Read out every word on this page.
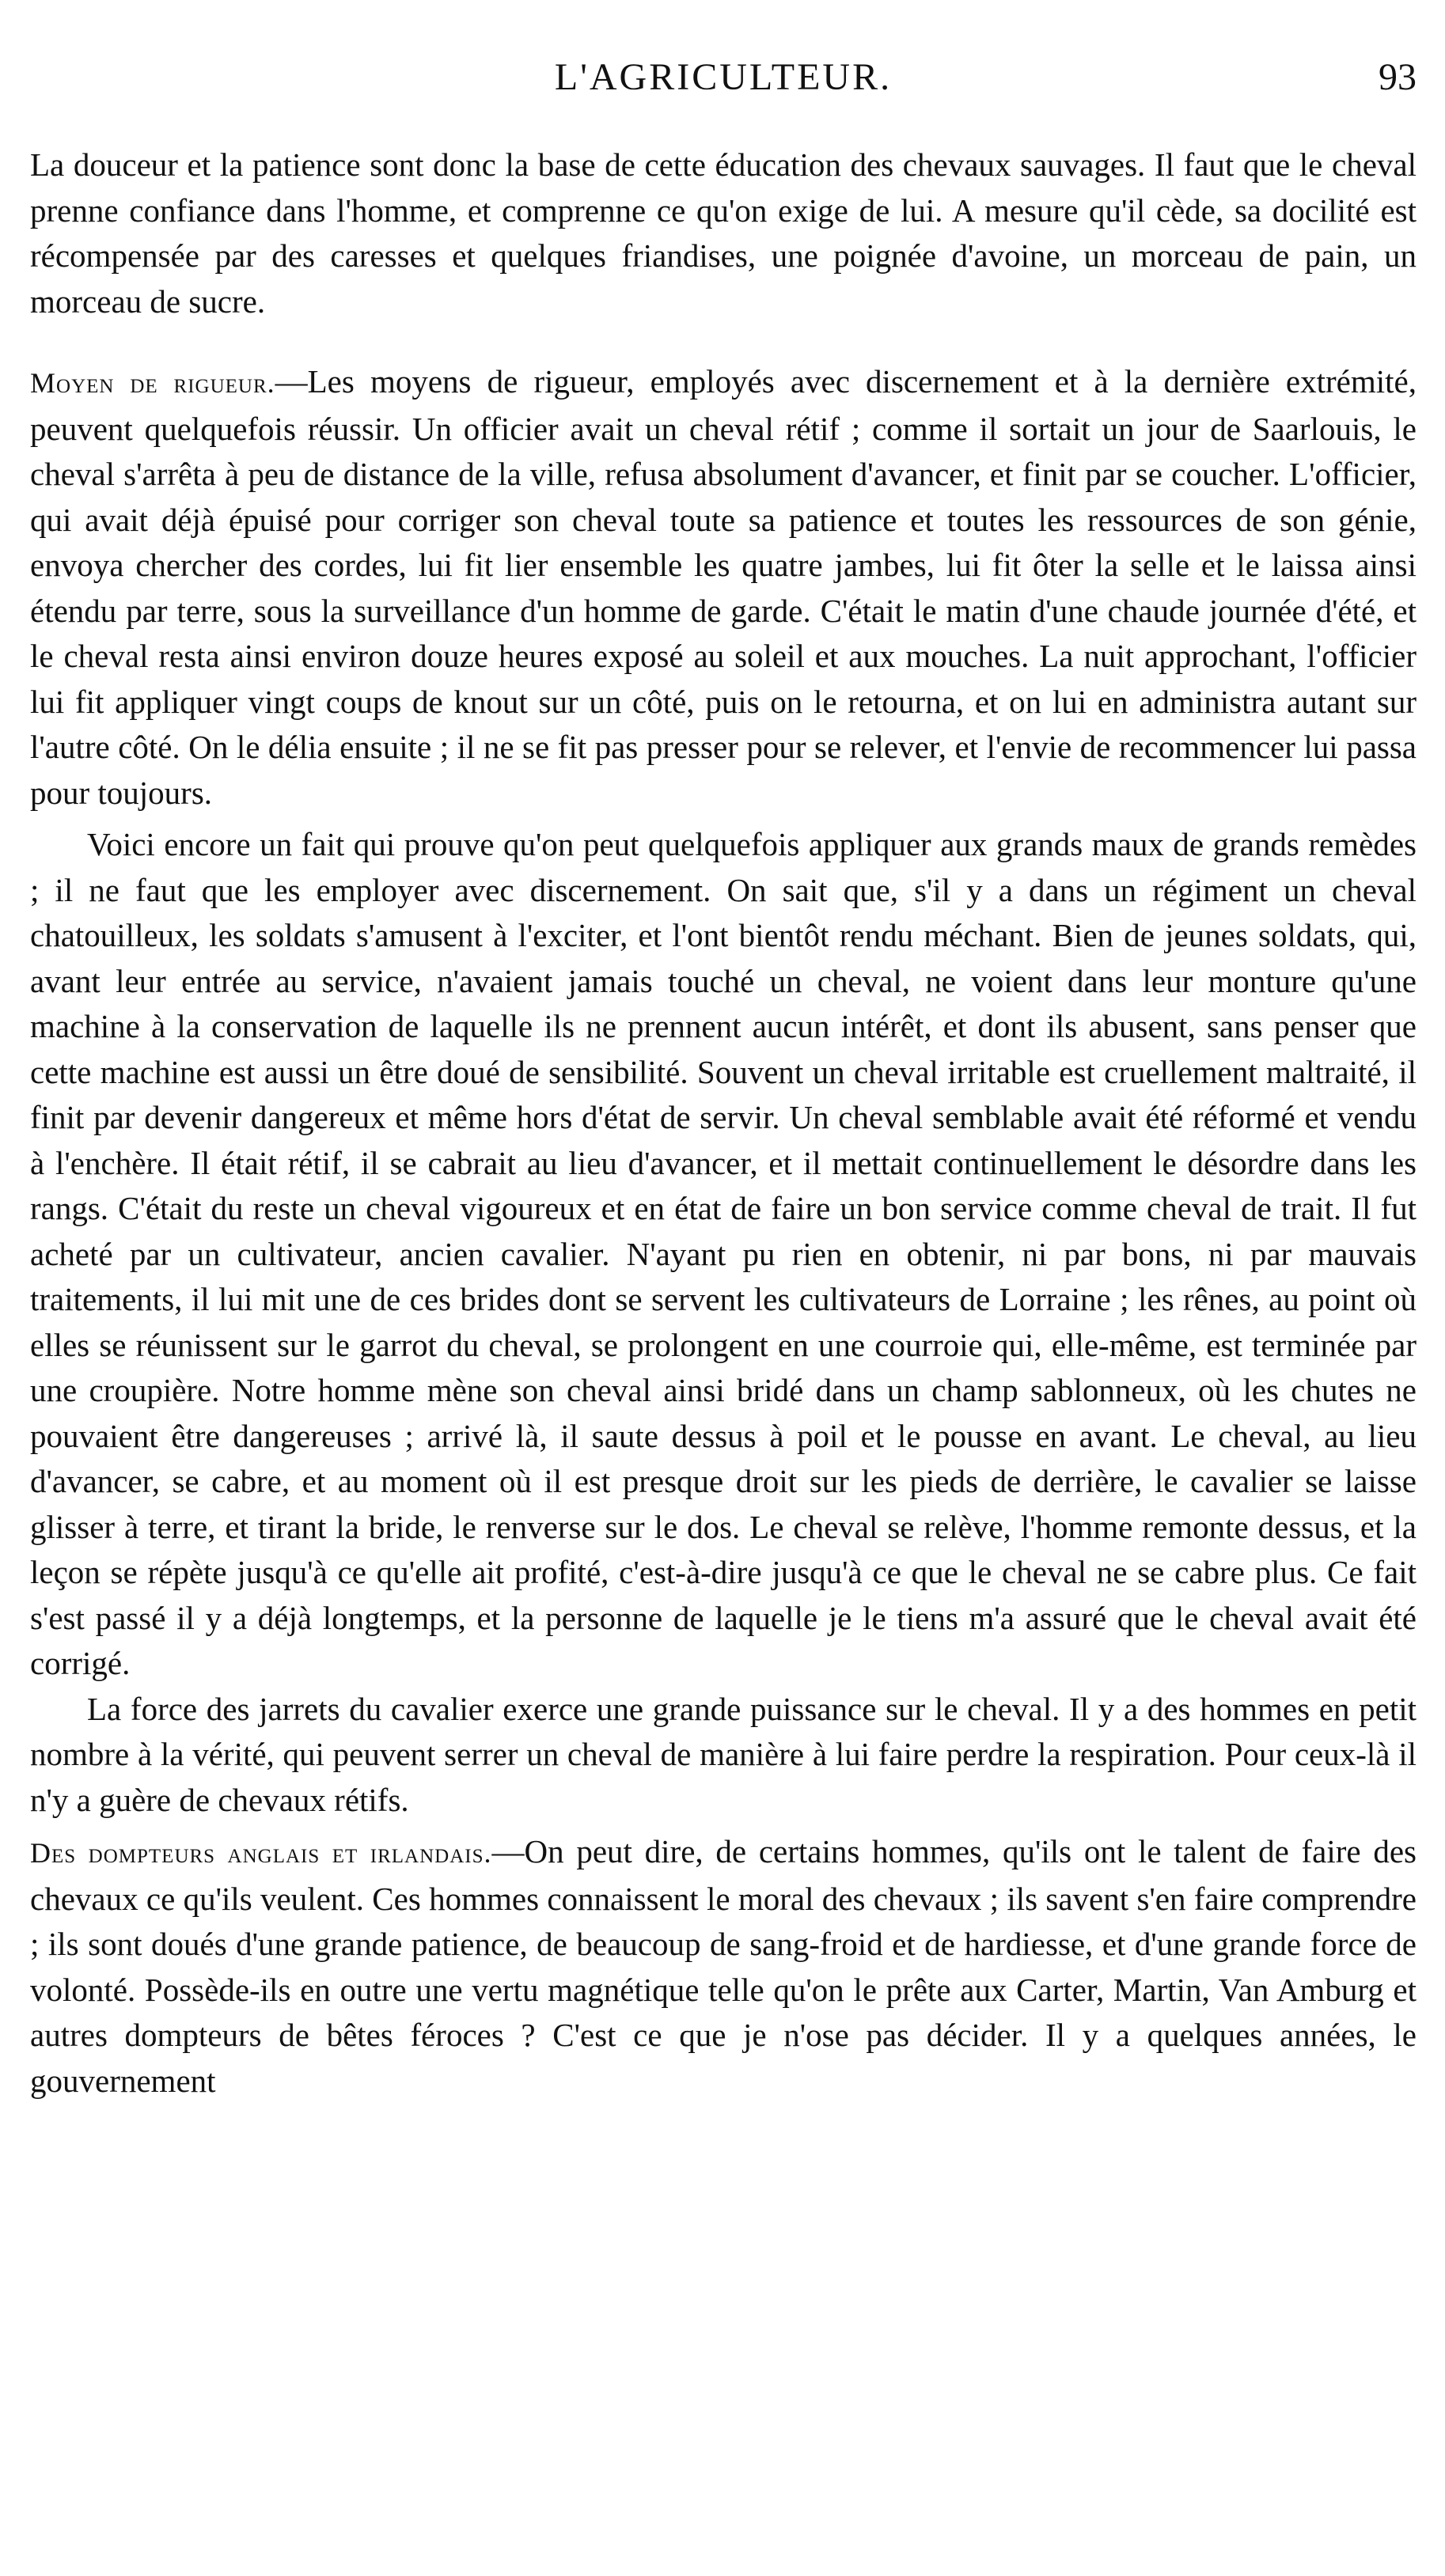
L'AGRICULTEUR.	93

La douceur et la patience sont donc la base de cette éducation des chevaux sauvages. Il faut que le cheval prenne confiance dans l'homme, et comprenne ce qu'on exige de lui. A mesure qu'il cède, sa docilité est récompensée par des caresses et quelques friandises, une poignée d'avoine, un morceau de pain, un morceau de sucre.

Moyen de rigueur.—Les moyens de rigueur, employés avec discernement et à la dernière extrémité, peuvent quelquefois réussir. Un officier avait un cheval rétif ; comme il sortait un jour de Saarlouis, le cheval s'arrêta à peu de distance de la ville, refusa absolument d'avancer, et finit par se coucher. L'officier, qui avait déjà épuisé pour corriger son cheval toute sa patience et toutes les ressources de son génie, envoya chercher des cordes, lui fit lier ensemble les quatre jambes, lui fit ôter la selle et le laissa ainsi étendu par terre, sous la surveillance d'un homme de garde. C'était le matin d'une chaude journée d'été, et le cheval resta ainsi environ douze heures exposé au soleil et aux mouches. La nuit approchant, l'officier lui fit appliquer vingt coups de knout sur un côté, puis on le retourna, et on lui en administra autant sur l'autre côté. On le délia ensuite ; il ne se fit pas presser pour se relever, et l'envie de recommencer lui passa pour toujours.

Voici encore un fait qui prouve qu'on peut quelquefois appliquer aux grands maux de grands remèdes ; il ne faut que les employer avec discernement. On sait que, s'il y a dans un régiment un cheval chatouilleux, les soldats s'amusent à l'exciter, et l'ont bientôt rendu méchant. Bien de jeunes soldats, qui, avant leur entrée au service, n'avaient jamais touché un cheval, ne voient dans leur monture qu'une machine à la conservation de laquelle ils ne prennent aucun intérêt, et dont ils abusent, sans penser que cette machine est aussi un être doué de sensibilité. Souvent un cheval irritable est cruellement maltraité, il finit par devenir dangereux et même hors d'état de servir. Un cheval semblable avait été réformé et vendu à l'enchère. Il était rétif, il se cabrait au lieu d'avancer, et il mettait continuellement le désordre dans les rangs. C'était du reste un cheval vigoureux et en état de faire un bon service comme cheval de trait. Il fut acheté par un cultivateur, ancien cavalier. N'ayant pu rien en obtenir, ni par bons, ni par mauvais traitements, il lui mit une de ces brides dont se servent les cultivateurs de Lorraine ; les rênes, au point où elles se réunissent sur le garrot du cheval, se prolongent en une courroie qui, elle-même, est terminée par une croupière. Notre homme mène son cheval ainsi bridé dans un champ sablonneux, où les chutes ne pouvaient être dangereuses ; arrivé là, il saute dessus à poil et le pousse en avant. Le cheval, au lieu d'avancer, se cabre, et au moment où il est presque droit sur les pieds de derrière, le cavalier se laisse glisser à terre, et tirant la bride, le renverse sur le dos. Le cheval se relève, l'homme remonte dessus, et la leçon se répète jusqu'à ce qu'elle ait profité, c'est-à-dire jusqu'à ce que le cheval ne se cabre plus. Ce fait s'est passé il y a déjà longtemps, et la personne de laquelle je le tiens m'a assuré que le cheval avait été corrigé.

La force des jarrets du cavalier exerce une grande puissance sur le cheval. Il y a des hommes en petit nombre à la vérité, qui peuvent serrer un cheval de manière à lui faire perdre la respiration. Pour ceux-là il n'y a guère de chevaux rétifs.

Des dompteurs anglais et irlandais.—On peut dire, de certains hommes, qu'ils ont le talent de faire des chevaux ce qu'ils veulent. Ces hommes connaissent le moral des chevaux ; ils savent s'en faire comprendre ; ils sont doués d'une grande patience, de beaucoup de sang-froid et de hardiesse, et d'une grande force de volonté. Possède-ils en outre une vertu magnétique telle qu'on le prête aux Carter, Martin, Van Amburg et autres dompteurs de bêtes féroces ? C'est ce que je n'ose pas décider. Il y a quelques années, le gouvernement
